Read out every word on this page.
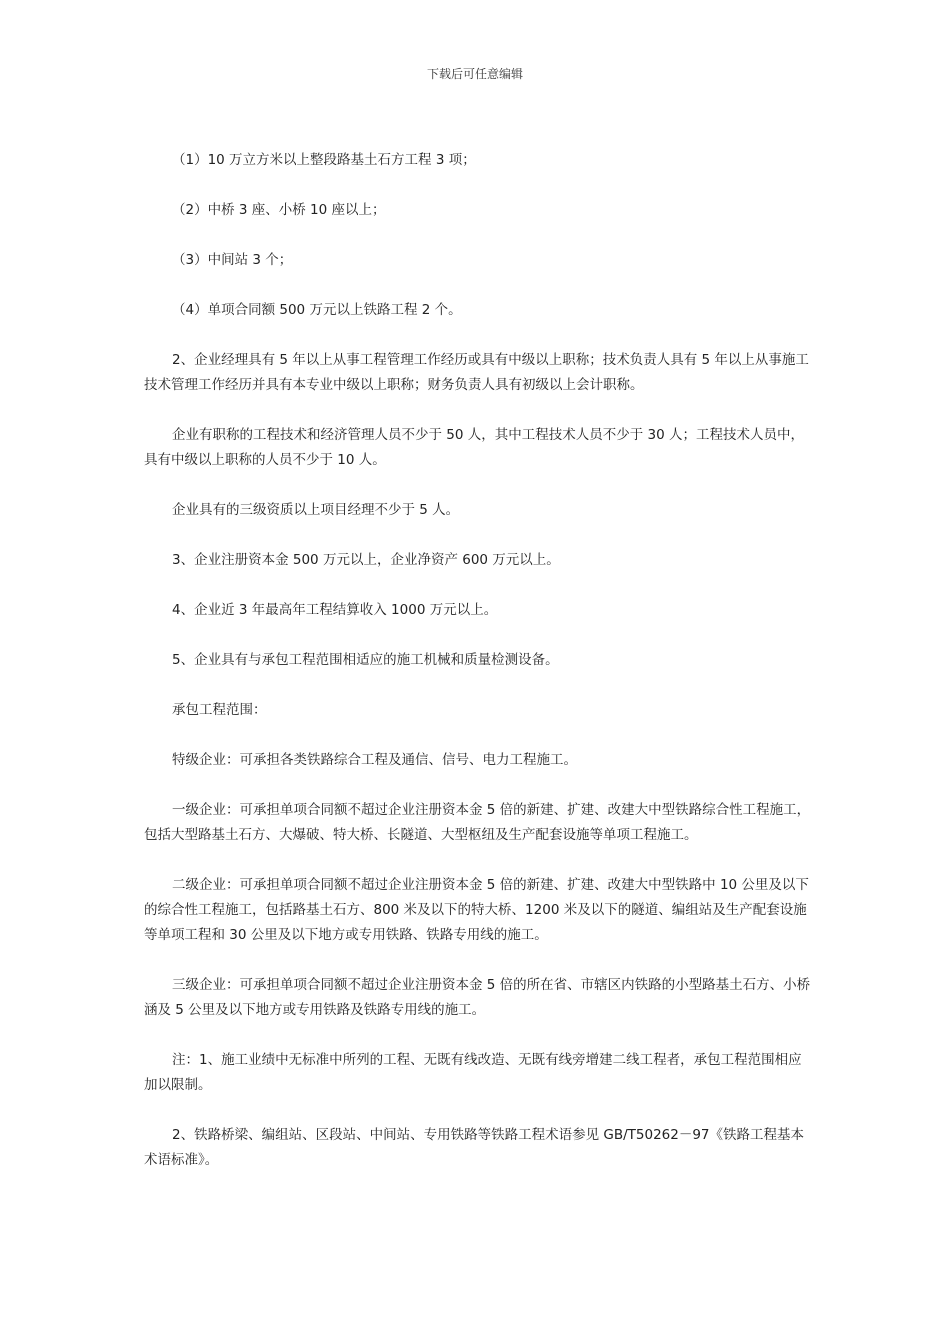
下载后可任意编辑

（1）10 万立方米以上整段路基土石方工程 3 项；

（2）中桥 3 座、小桥 10 座以上；

（3）中间站 3 个；

（4）单项合同额 500 万元以上铁路工程 2 个。

2、企业经理具有 5 年以上从事工程管理工作经历或具有中级以上职称；技术负责人具有 5 年以上从事施工技术管理工作经历并具有本专业中级以上职称；财务负责人具有初级以上会计职称。

企业有职称的工程技术和经济管理人员不少于 50 人，其中工程技术人员不少于 30 人；工程技术人员中，具有中级以上职称的人员不少于 10 人。

企业具有的三级资质以上项目经理不少于 5 人。

3、企业注册资本金 500 万元以上，企业净资产 600 万元以上。

4、企业近 3 年最高年工程结算收入 1000 万元以上。

5、企业具有与承包工程范围相适应的施工机械和质量检测设备。

承包工程范围：

特级企业：可承担各类铁路综合工程及通信、信号、电力工程施工。

一级企业：可承担单项合同额不超过企业注册资本金 5 倍的新建、扩建、改建大中型铁路综合性工程施工，包括大型路基土石方、大爆破、特大桥、长隧道、大型枢纽及生产配套设施等单项工程施工。

二级企业：可承担单项合同额不超过企业注册资本金 5 倍的新建、扩建、改建大中型铁路中 10 公里及以下的综合性工程施工，包括路基土石方、800 米及以下的特大桥、1200 米及以下的隧道、编组站及生产配套设施等单项工程和 30 公里及以下地方或专用铁路、铁路专用线的施工。

三级企业：可承担单项合同额不超过企业注册资本金 5 倍的所在省、市辖区内铁路的小型路基土石方、小桥涵及 5 公里及以下地方或专用铁路及铁路专用线的施工。

注：1、施工业绩中无标准中所列的工程、无既有线改造、无既有线旁增建二线工程者，承包工程范围相应加以限制。

2、铁路桥梁、编组站、区段站、中间站、专用铁路等铁路工程术语参见 GB/T50262－97《铁路工程基本术语标准》。
